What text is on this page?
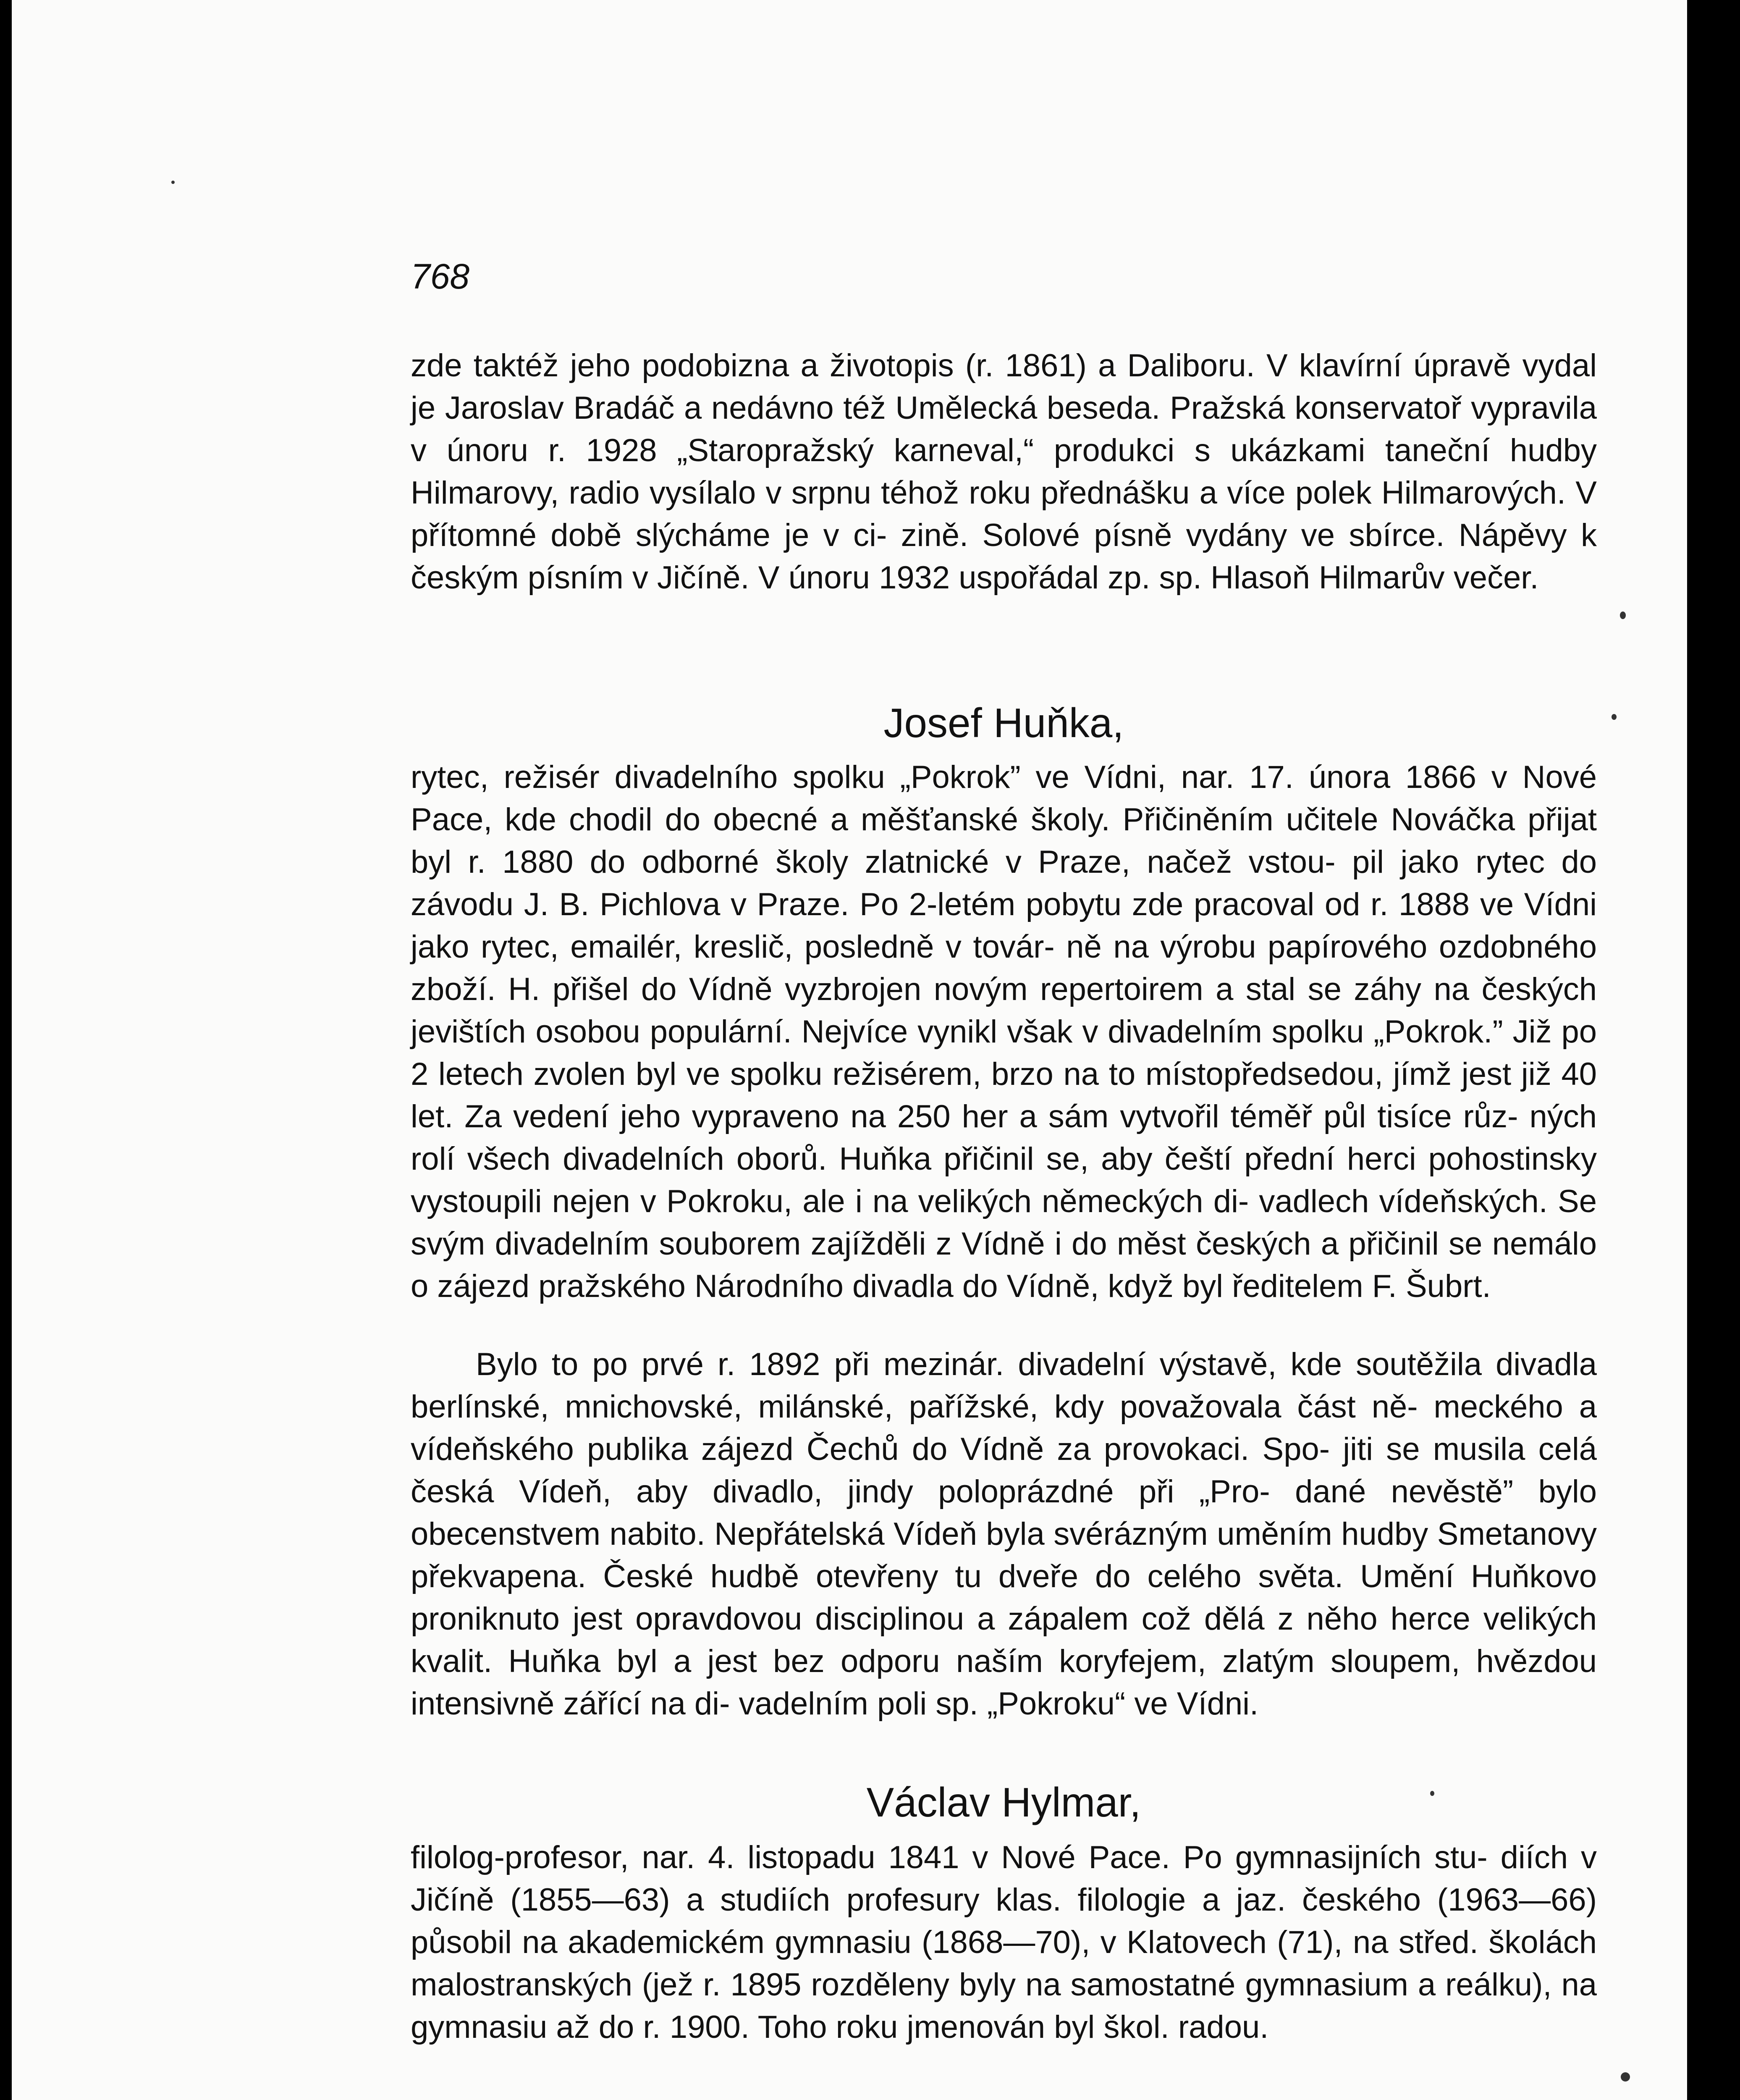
768

zde taktéž jeho podobizna a životopis (r. 1861) a Daliboru. V klavírní úpravě vydal je Jaroslav Bradáč a nedávno též Umělecká beseda. Pražská konservatoř vypravila v únoru r. 1928 „Staropražský karneval,“ produkci s ukázkami taneční hudby Hilmarovy, radio vysílalo v srpnu téhož roku přednášku a více polek Hilmarových. V přítomné době slýcháme je v ci- zině. Solové písně vydány ve sbírce. Nápěvy k českým písním v Jičíně. V únoru 1932 uspořádal zp. sp. Hlasoň Hilmarův večer.

Josef Huňka,

rytec, režisér divadelního spolku „Pokrok” ve Vídni, nar. 17. února 1866 v Nové Pace, kde chodil do obecné a měšťanské školy. Přičiněním učitele Nováčka přijat byl r. 1880 do odborné školy zlatnické v Praze, načež vstou- pil jako rytec do závodu J. B. Pichlova v Praze. Po 2-letém pobytu zde pracoval od r. 1888 ve Vídni jako rytec, emailér, kreslič, posledně v továr- ně na výrobu papírového ozdobného zboží. H. přišel do Vídně vyzbrojen novým repertoirem a stal se záhy na českých jevištích osobou populární. Nejvíce vynikl však v divadelním spolku „Pokrok.” Již po 2 letech zvolen byl ve spolku režisérem, brzo na to místopředsedou, jímž jest již 40 let. Za vedení jeho vypraveno na 250 her a sám vytvořil téměř půl tisíce růz- ných rolí všech divadelních oborů. Huňka přičinil se, aby čeští přední herci pohostinsky vystoupili nejen v Pokroku, ale i na velikých německých di- vadlech vídeňských. Se svým divadelním souborem zajížděli z Vídně i do měst českých a přičinil se nemálo o zájezd pražského Národního divadla do Vídně, když byl ředitelem F. Šubrt.

Bylo to po prvé r. 1892 při mezinár. divadelní výstavě, kde soutěžila divadla berlínské, mnichovské, milánské, pařížské, kdy považovala část ně- meckého a vídeňského publika zájezd Čechů do Vídně za provokaci. Spo- jiti se musila celá česká Vídeň, aby divadlo, jindy poloprázdné při „Pro- dané nevěstě” bylo obecenstvem nabito. Nepřátelská Vídeň byla svérázným uměním hudby Smetanovy překvapena. České hudbě otevřeny tu dveře do celého světa. Umění Huňkovo proniknuto jest opravdovou disciplinou a zápalem což dělá z něho herce velikých kvalit. Huňka byl a jest bez odporu naším koryfejem, zlatým sloupem, hvězdou intensivně zářící na di- vadelním poli sp. „Pokroku“ ve Vídni.

Václav Hylmar,

filolog-profesor, nar. 4. listopadu 1841 v Nové Pace. Po gymnasijních stu- diích v Jičíně (1855—63) a studiích profesury klas. filologie a jaz. českého (1963—66) působil na akademickém gymnasiu (1868—70), v Klatovech (71), na střed. školách malostranských (jež r. 1895 rozděleny byly na samostatné gymnasium a reálku), na gymnasiu až do r. 1900. Toho roku jmenován byl škol. radou.
